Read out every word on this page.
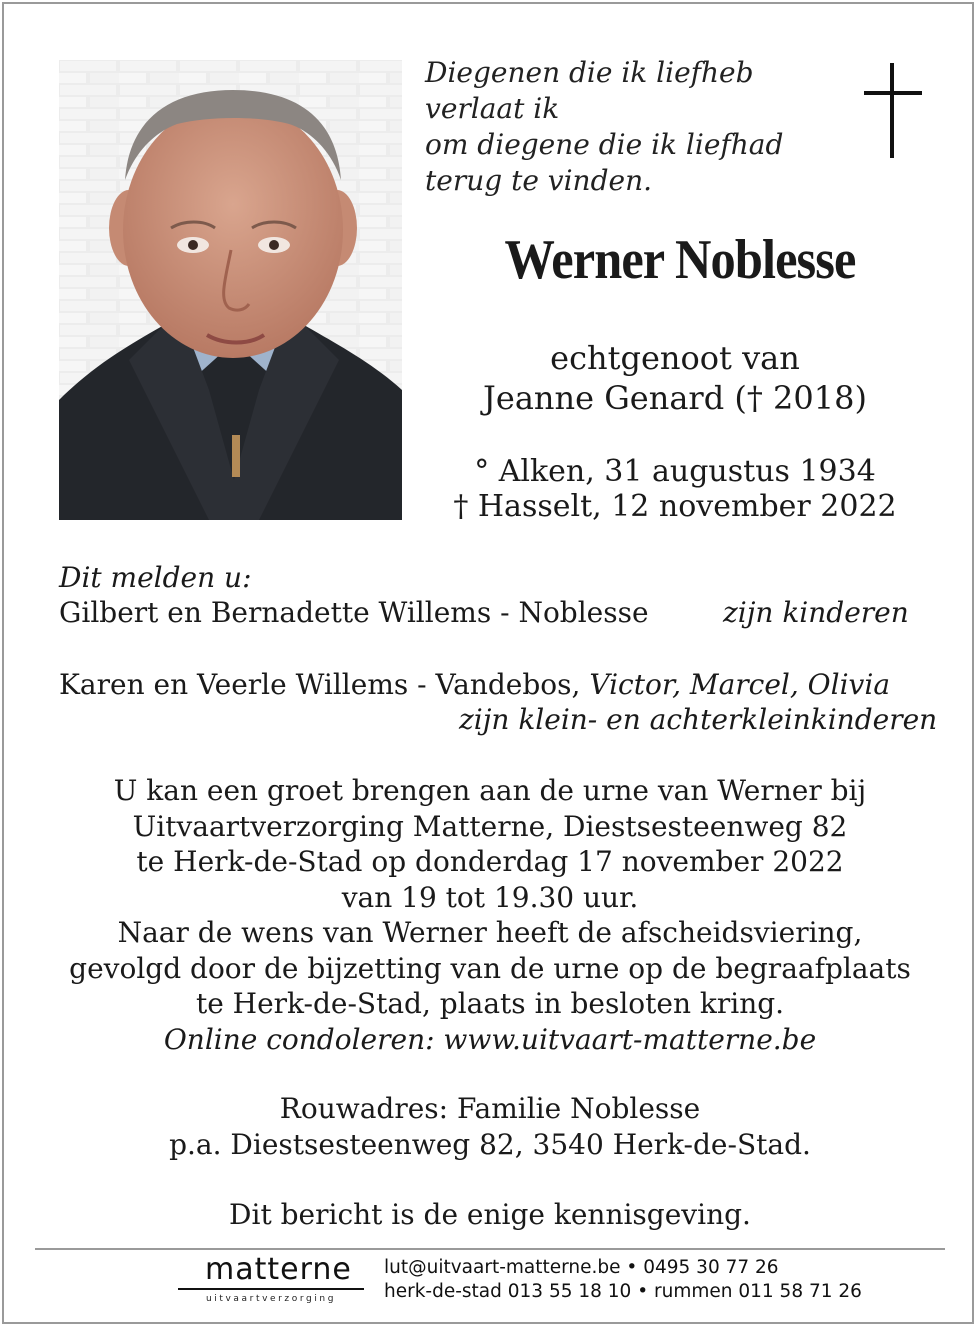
Diegenen die ik liefheb
verlaat ik
om diegene die ik liefhad
terug te vinden.
Werner Noblesse
echtgenoot van
Jeanne Genard († 2018)
° Alken, 31 augustus 1934
† Hasselt, 12 november 2022
Dit melden u:
Gilbert en Bernadette Willems - Noblesse	zijn kinderen
Karen en Veerle Willems - Vandebos, Victor, Marcel, Olivia
zijn klein- en achterkleinkinderen
U kan een groet brengen aan de urne van Werner bij
Uitvaartverzorging Matterne, Diestsesteenweg 82
te Herk-de-Stad op donderdag 17 november 2022
van 19 tot 19.30 uur.
Naar de wens van Werner heeft de afscheidsviering,
gevolgd door de bijzetting van de urne op de begraafplaats
te Herk-de-Stad, plaats in besloten kring.
Online condoleren: www.uitvaart-matterne.be
Rouwadres: Familie Noblesse
p.a. Diestsesteenweg 82, 3540 Herk-de-Stad.
Dit bericht is de enige kennisgeving.
matterne
uitvaartverzorging
lut@uitvaart-matterne.be • 0495 30 77 26
herk-de-stad 013 55 18 10 • rummen 011 58 71 26
